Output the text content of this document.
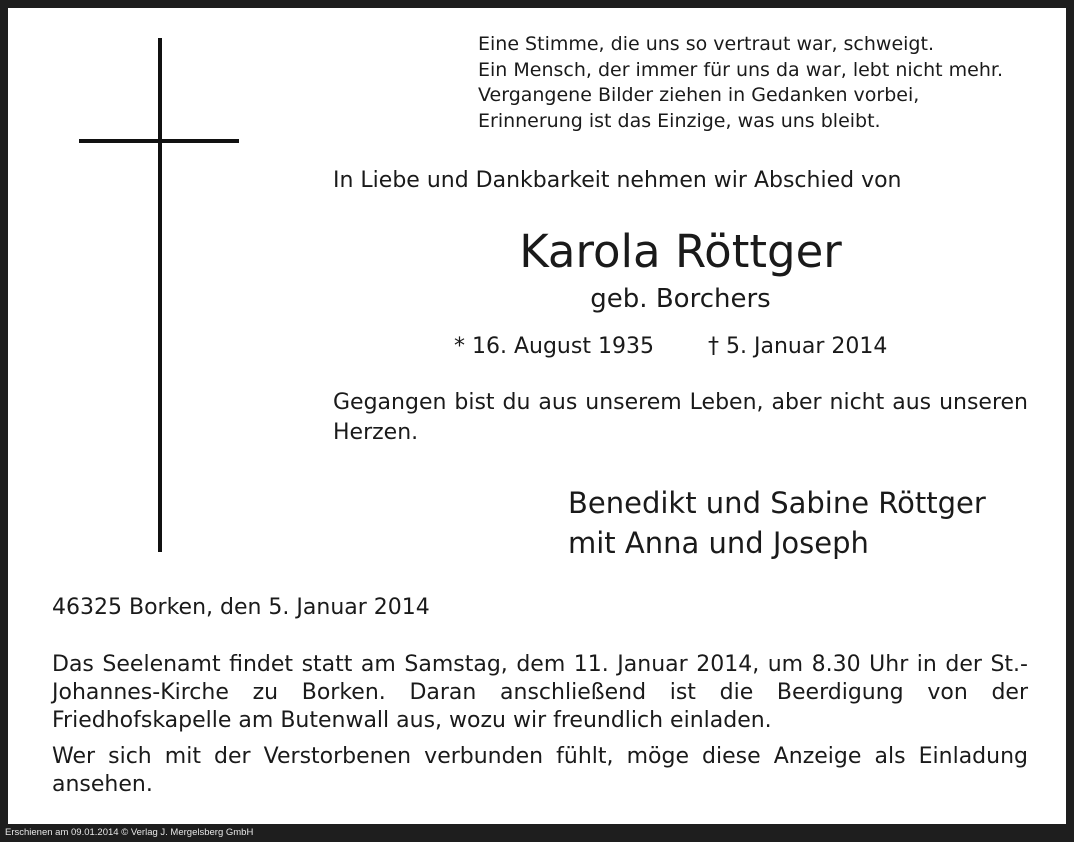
Eine Stimme, die uns so vertraut war, schweigt.
Ein Mensch, der immer für uns da war, lebt nicht mehr.
Vergangene Bilder ziehen in Gedanken vorbei,
Erinnerung ist das Einzige, was uns bleibt.
In Liebe und Dankbarkeit nehmen wir Abschied von
Karola Röttger
geb. Borchers
* 16. August 1935 † 5. Januar 2014
Gegangen bist du aus unserem Leben, aber nicht aus unseren Herzen.
Benedikt und Sabine Röttger
mit Anna und Joseph
46325 Borken, den 5. Januar 2014
Das Seelenamt findet statt am Samstag, dem 11. Januar 2014, um 8.30 Uhr in der St.-Johannes-Kirche zu Borken. Daran anschließend ist die Beerdigung von der Friedhofskapelle am Butenwall aus, wozu wir freundlich einladen.
Wer sich mit der Verstorbenen verbunden fühlt, möge diese Anzeige als Einladung ansehen.
Erschienen am 09.01.2014 © Verlag J. Mergelsberg GmbH
